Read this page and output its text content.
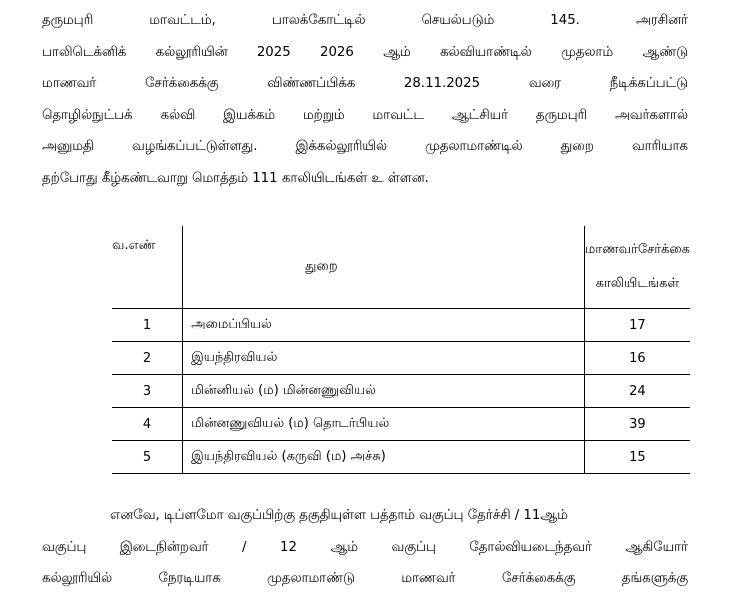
தருமபுரி	மாவட்டம்,	பாலக்கோட்டில்	செயல்படும்	145.	அரசினர்
பாலிடெக்னிக் கல்லூரியின் 2025 2026 ஆம் கல்வியாண்டில் முதலாம் ஆண்டு
மாணவர்	சேர்க்கைக்கு	விண்ணப்பிக்க	28.11.2025	வரை	நீடிக்கப்பட்டு
தொழில்நுட்பக் கல்வி இயக்கம் மற்றும் மாவட்ட ஆட்சியர் தருமபுரி அவர்களால்
அனுமதி	வழங்கப்பட்டுள்ளது.	இக்கல்லூரியில்	முதலாமாண்டில்	துறை	வாரியாக
தற்போது கீழ்கண்டவாறு மொத்தம் 111 காலியிடங்கள் உ ள்ளன.
வ.எண்	துறை	மாணவர்சேர்க்கை
காலியிடங்கள்

1	அமைப்பியல்	17
2	இயந்திரவியல்	16
3	மின்னியல் (ம) மின்னணுவியல்	24
4	மின்னணுவியல் (ம) தொடர்பியல்	39
5	இயந்திரவியல் (கருவி (ம) அச்சு)	15
எனவே, டிப்ளமோ வகுப்பிற்கு தகுதியுள்ள பத்தாம் வகுப்பு தேர்ச்சி / 11ஆம்
வகுப்பு	இடைநின்றவர்	/	12	ஆம்	வகுப்பு	தோல்வியடைந்தவர்	ஆகியோர்
கல்லூரியில்	நேரடியாக	முதலாமாண்டு	மாணவர்	சேர்க்கைக்கு	தங்களுக்கு
